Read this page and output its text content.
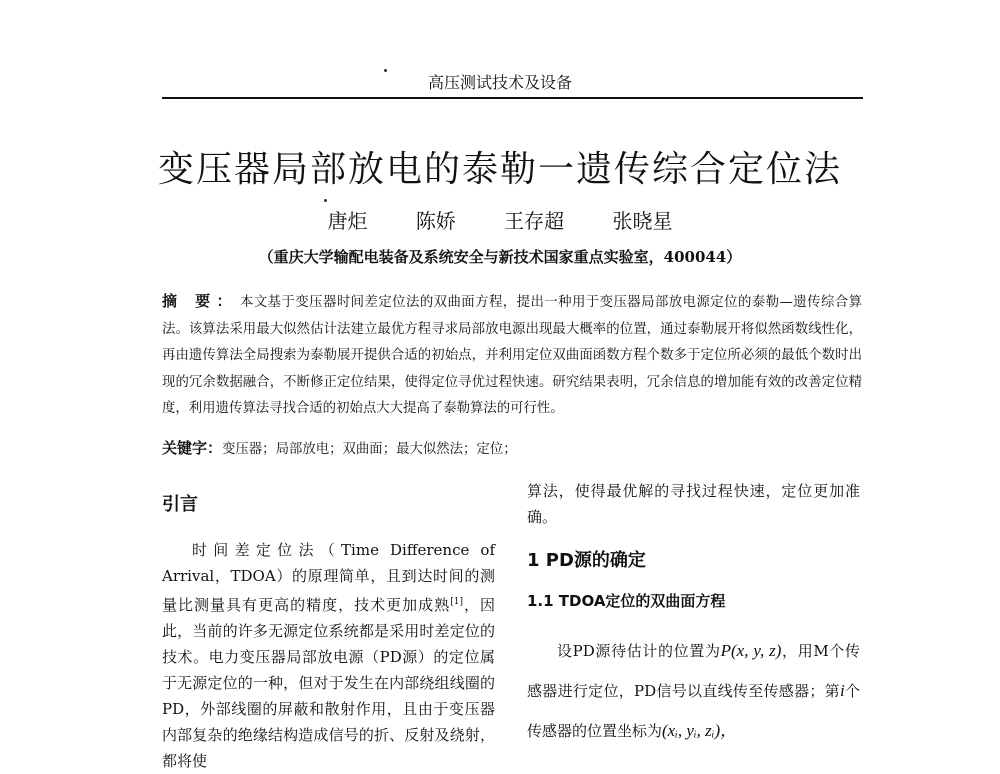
高压测试技术及设备
变压器局部放电的泰勒一遗传综合定位法
唐炬 陈娇 王存超 张晓星
（重庆大学输配电装备及系统安全与新技术国家重点实验室，400044）
摘 要： 本文基于变压器时间差定位法的双曲面方程，提出一种用于变压器局部放电源定位的泰勒—遗传综合算法。该算法采用最大似然估计法建立最优方程寻求局部放电源出现最大概率的位置，通过泰勒展开将似然函数线性化，再由遗传算法全局搜索为泰勒展开提供合适的初始点，并利用定位双曲面函数方程个数多于定位所必须的最低个数时出现的冗余数据融合，不断修正定位结果，使得定位寻优过程快速。研究结果表明，冗余信息的增加能有效的改善定位精度，利用遗传算法寻找合适的初始点大大提高了泰勒算法的可行性。
关键字：变压器；局部放电；双曲面；最大似然法；定位；
引言

时间差定位法（Time Difference of Arrival，TDOA）的原理简单，且到达时间的测量比测量具有更高的精度，技术更加成熟[1]，因此，当前的许多无源定位系统都是采用时差定位的技术。电力变压器局部放电源（PD源）的定位属于无源定位的一种，但对于发生在内部绕组线圈的PD，外部线圈的屏蔽和散射作用，且由于变压器内部复杂的绝缘结构造成信号的折、反射及绕射，都将使

算法，使得最优解的寻找过程快速，定位更加准确。

1 PD源的确定
1.1 TDOA定位的双曲面方程

设PD源待估计的位置为P(x, y, z)，用M个传感器进行定位，PD信号以直线传至传感器；第i个传感器的位置坐标为(xᵢ, yᵢ, zᵢ)，
